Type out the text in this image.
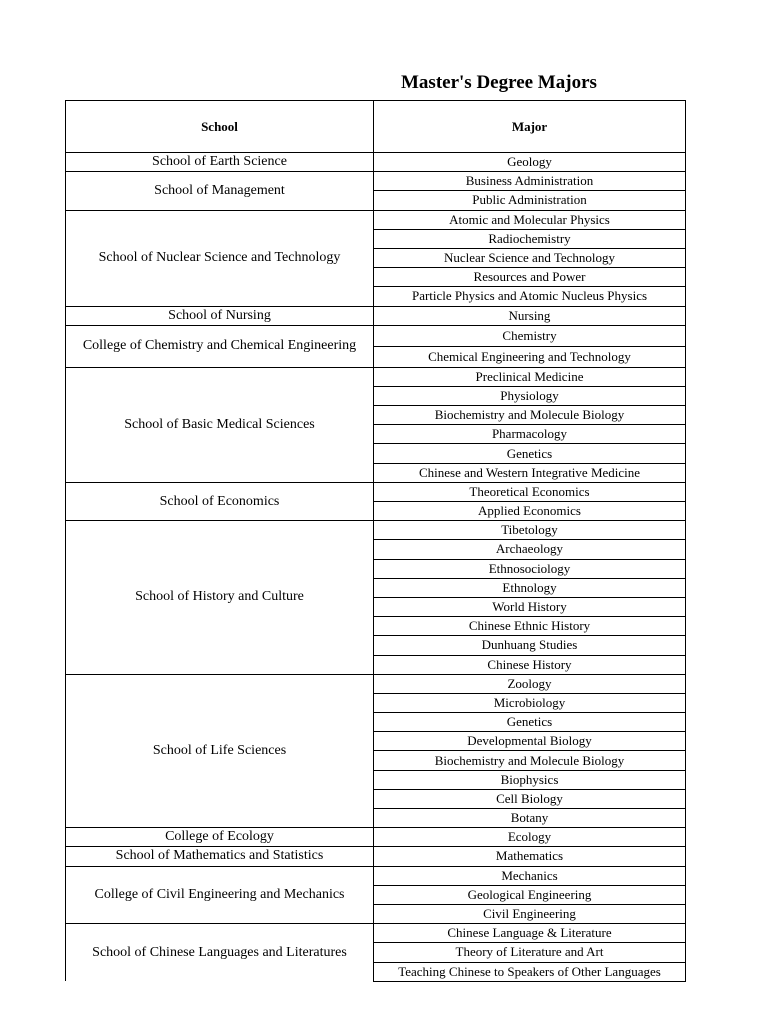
Master's Degree Majors
School	Major
School of Earth Science	Geology
School of Management	Business Administration
	Public Administration
School of Nuclear Science and Technology	Atomic and Molecular Physics
	Radiochemistry
	Nuclear Science and Technology
	Resources and Power
	Particle Physics and Atomic Nucleus Physics
School of Nursing	Nursing
College of Chemistry and Chemical Engineering	Chemistry
	Chemical Engineering and Technology
School of Basic Medical Sciences	Preclinical Medicine
	Physiology
	Biochemistry and Molecule Biology
	Pharmacology
	Genetics
	Chinese and Western Integrative Medicine
School of Economics	Theoretical Economics
	Applied Economics
School of History and Culture	Tibetology
	Archaeology
	Ethnosociology
	Ethnology
	World History
	Chinese Ethnic History
	Dunhuang Studies
	Chinese History
School of Life Sciences	Zoology
	Microbiology
	Genetics
	Developmental Biology
	Biochemistry and Molecule Biology
	Biophysics
	Cell Biology
	Botany
College of Ecology	Ecology
School of Mathematics and Statistics	Mathematics
College of Civil Engineering and Mechanics	Mechanics
	Geological Engineering
	Civil Engineering
School of Chinese Languages and Literatures	Chinese Language & Literature
	Theory of Literature and Art
	Teaching Chinese to Speakers of Other Languages
